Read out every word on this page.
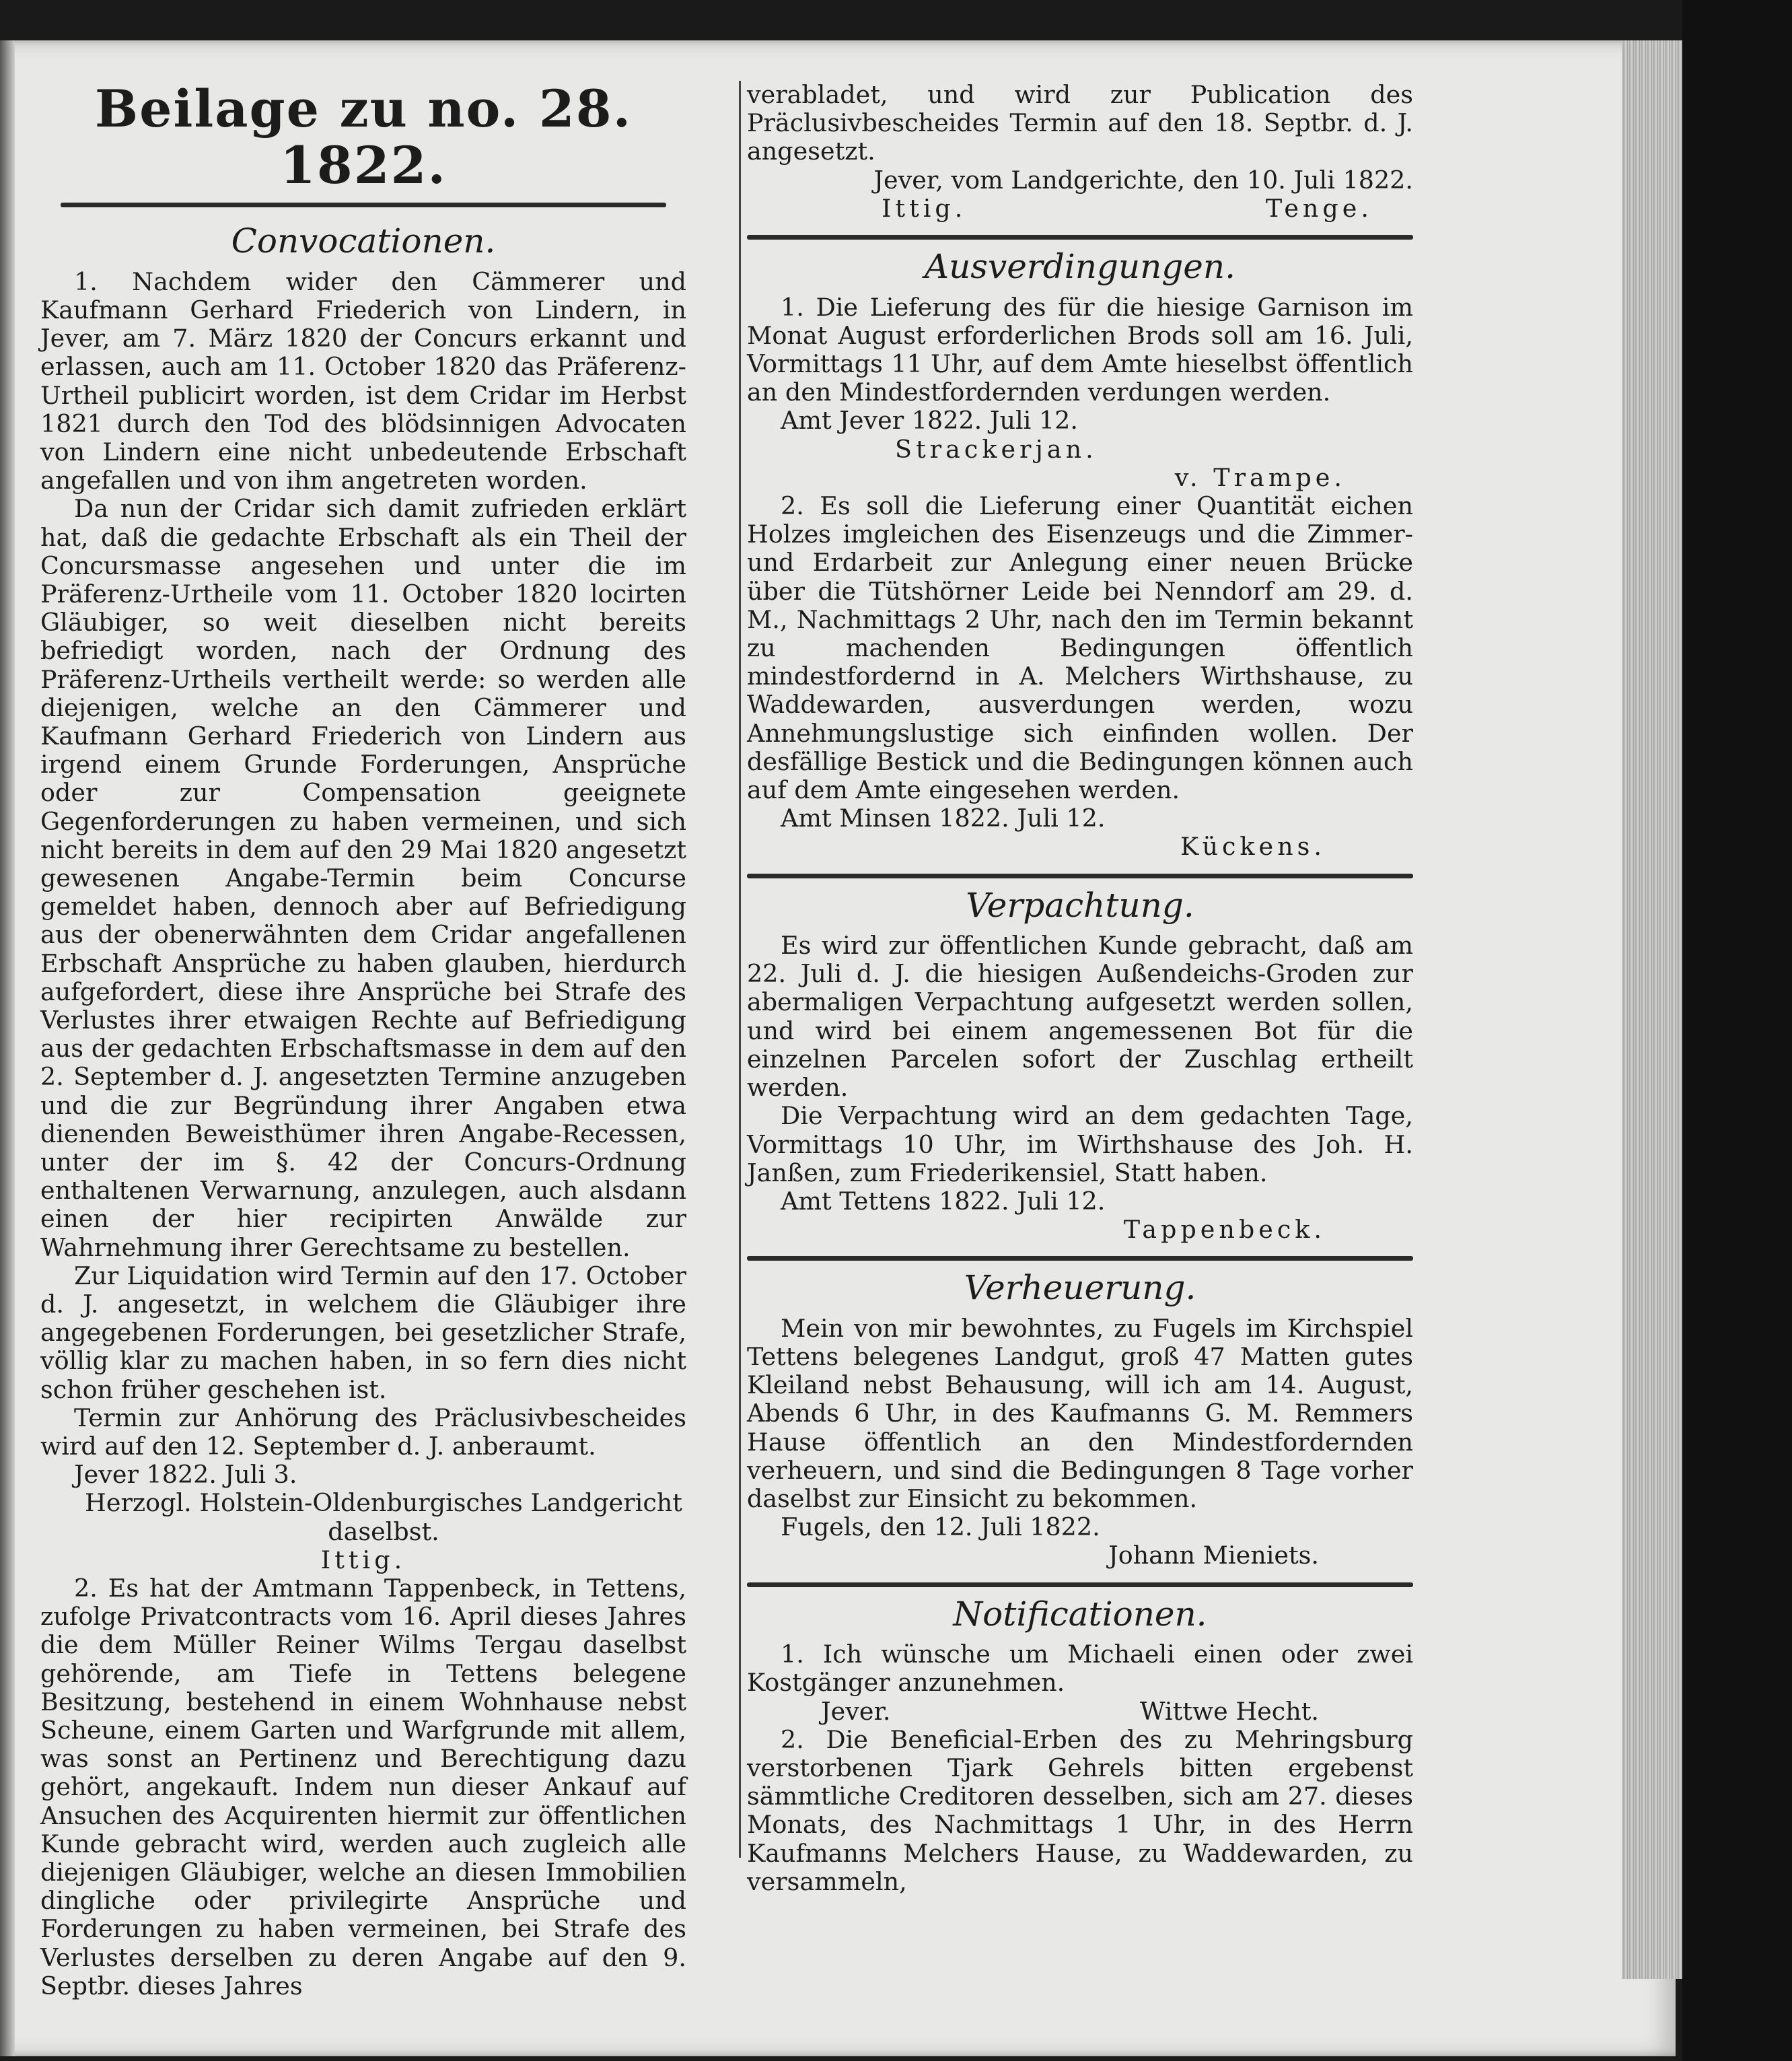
Beilage zu no. 28. 1822.
Convocationen.

1. Nachdem wider den Cämmerer und Kaufmann Gerhard Friederich von Lindern, in Jever, am 7. März 1820 der Concurs erkannt und erlassen, auch am 11. October 1820 das Präferenz-Urtheil publicirt worden, ist dem Cridar im Herbst 1821 durch den Tod des blödsinnigen Advocaten von Lindern eine nicht unbedeutende Erbschaft angefallen und von ihm angetreten worden.

Da nun der Cridar sich damit zufrieden erklärt hat, daß die gedachte Erbschaft als ein Theil der Concursmasse angesehen und unter die im Präferenz-Urtheile vom 11. October 1820 locirten Gläubiger, so weit dieselben nicht bereits befriedigt worden, nach der Ordnung des Präferenz-Urtheils vertheilt werde: so werden alle diejenigen, welche an den Cämmerer und Kaufmann Gerhard Friederich von Lindern aus irgend einem Grunde Forderungen, Ansprüche oder zur Compensation geeignete Gegenforderungen zu haben vermeinen, und sich nicht bereits in dem auf den 29 Mai 1820 angesetzt gewesenen Angabe-Termin beim Concurse gemeldet haben, dennoch aber auf Befriedigung aus der obenerwähnten dem Cridar angefallenen Erbschaft Ansprüche zu haben glauben, hierdurch aufgefordert, diese ihre Ansprüche bei Strafe des Verlustes ihrer etwaigen Rechte auf Befriedigung aus der gedachten Erbschaftsmasse in dem auf den 2. September d. J. angesetzten Termine anzugeben und die zur Begründung ihrer Angaben etwa dienenden Beweisthümer ihren Angabe-Recessen, unter der im §. 42 der Concurs-Ordnung enthaltenen Verwarnung, anzulegen, auch alsdann einen der hier recipirten Anwälde zur Wahrnehmung ihrer Gerechtsame zu bestellen.

Zur Liquidation wird Termin auf den 17. October d. J. angesetzt, in welchem die Gläubiger ihre angegebenen Forderungen, bei gesetzlicher Strafe, völlig klar zu machen haben, in so fern dies nicht schon früher geschehen ist.

Termin zur Anhörung des Präclusivbescheides wird auf den 12. September d. J. anberaumt.

Jever 1822. Juli 3.

Herzogl. Holstein-Oldenburgisches Landgericht daselbst.

Ittig.

2. Es hat der Amtmann Tappenbeck, in Tettens, zufolge Privatcontracts vom 16. April dieses Jahres die dem Müller Reiner Wilms Tergau daselbst gehörende, am Tiefe in Tettens belegene Besitzung, bestehend in einem Wohnhause nebst Scheune, einem Garten und Warfgrunde mit allem, was sonst an Pertinenz und Berechtigung dazu gehört, angekauft. Indem nun dieser Ankauf auf Ansuchen des Acquirenten hiermit zur öffentlichen Kunde gebracht wird, werden auch zugleich alle diejenigen Gläubiger, welche an diesen Immobilien dingliche oder privilegirte Ansprüche und Forderungen zu haben vermeinen, bei Strafe des Verlustes derselben zu deren Angabe auf den 9. Septbr. dieses Jahres

verabladet, und wird zur Publication des Präclusivbescheides Termin auf den 18. Septbr. d. J. angesetzt.

Jever, vom Landgerichte, den 10. Juli 1822.

Ittig.	Tenge.
Ausverdingungen.

1. Die Lieferung des für die hiesige Garnison im Monat August erforderlichen Brods soll am 16. Juli, Vormittags 11 Uhr, auf dem Amte hieselbst öffentlich an den Mindestfordernden verdungen werden.

Amt Jever 1822. Juli 12.

Strackerjan.

v. Trampe.

2. Es soll die Lieferung einer Quantität eichen Holzes imgleichen des Eisenzeugs und die Zimmer- und Erdarbeit zur Anlegung einer neuen Brücke über die Tütshörner Leide bei Nenndorf am 29. d. M., Nachmittags 2 Uhr, nach den im Termin bekannt zu machenden Bedingungen öffentlich mindestfordernd in A. Melchers Wirthshause, zu Waddewarden, ausverdungen werden, wozu Annehmungslustige sich einfinden wollen. Der desfällige Bestick und die Bedingungen können auch auf dem Amte eingesehen werden.

Amt Minsen 1822. Juli 12.

Kückens.

Verpachtung.

Es wird zur öffentlichen Kunde gebracht, daß am 22. Juli d. J. die hiesigen Außendeichs-Groden zur abermaligen Verpachtung aufgesetzt werden sollen, und wird bei einem angemessenen Bot für die einzelnen Parcelen sofort der Zuschlag ertheilt werden.

Die Verpachtung wird an dem gedachten Tage, Vormittags 10 Uhr, im Wirthshause des Joh. H. Janßen, zum Friederikensiel, Statt haben.

Amt Tettens 1822. Juli 12.

Tappenbeck.

Verheuerung.

Mein von mir bewohntes, zu Fugels im Kirchspiel Tettens belegenes Landgut, groß 47 Matten gutes Kleiland nebst Behausung, will ich am 14. August, Abends 6 Uhr, in des Kaufmanns G. M. Remmers Hause öffentlich an den Mindestfordernden verheuern, und sind die Bedingungen 8 Tage vorher daselbst zur Einsicht zu bekommen.

Fugels, den 12. Juli 1822.

Johann Mieniets.

Notificationen.

1. Ich wünsche um Michaeli einen oder zwei Kostgänger anzunehmen.

Jever.	Wittwe Hecht.

2. Die Beneficial-Erben des zu Mehringsburg verstorbenen Tjark Gehrels bitten ergebenst sämmtliche Creditoren desselben, sich am 27. dieses Monats, des Nachmittags 1 Uhr, in des Herrn Kaufmanns Melchers Hause, zu Waddewarden, zu versammeln,
